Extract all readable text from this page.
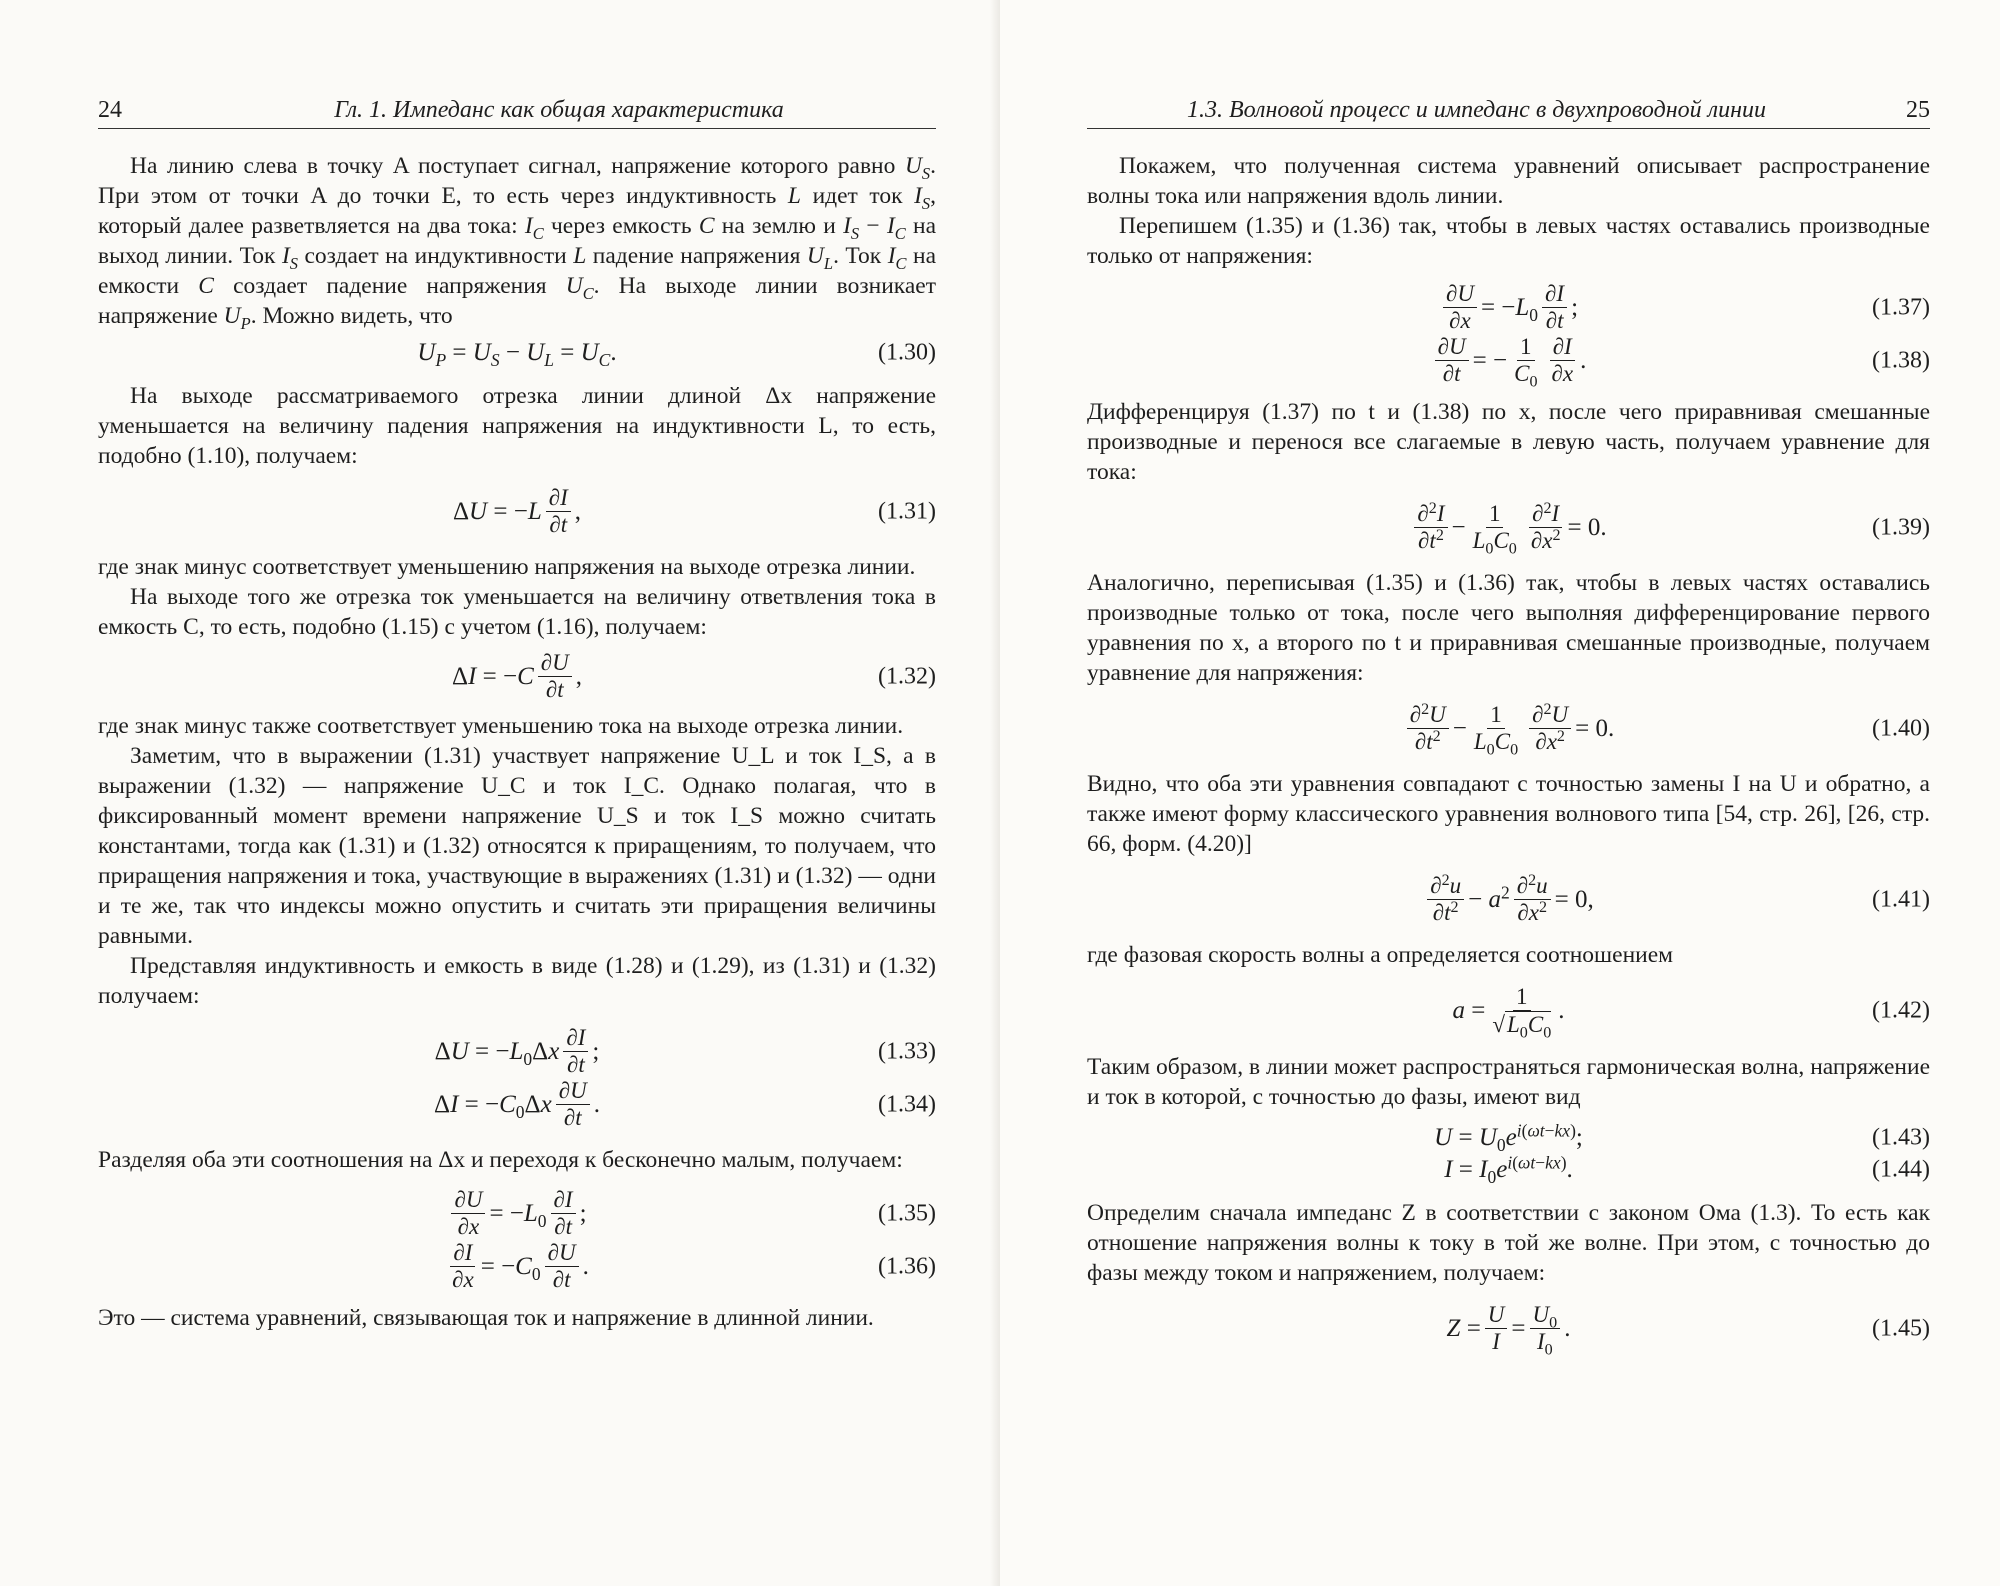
24	Гл. 1. Импеданс как общая характеристика

На линию слева в точку A поступает сигнал, напряжение которого равно $U_S$. При этом от точки A до точки E, то есть через индуктивность L идет ток $I_S$, который далее разветвляется на два тока: $I_C$ через емкость C на землю и $I_S - I_C$ на выход линии. Ток $I_S$ создает на индуктивности L падение напряжения $U_L$. Ток $I_C$ на емкости C создает падение напряжения $U_C$. На выходе линии возникает напряжение $U_P$. Можно видеть, что

$U_P = U_S - U_L = U_C$.	(1.30)

На выходе рассматриваемого отрезка линии длиной Δx напряжение уменьшается на величину падения напряжения на индуктивности L, то есть, подобно (1.10), получаем:

$\Delta U = -L \frac{\partial I}{\partial t}$ ,	(1.31)

где знак минус соответствует уменьшению напряжения на выходе отрезка линии.

На выходе того же отрезка ток уменьшается на величину ответвления тока в емкость C, то есть, подобно (1.15) с учетом (1.16), получаем:

$\Delta I = -C \frac{\partial U}{\partial t}$ ,	(1.32)

где знак минус также соответствует уменьшению тока на выходе отрезка линии.

Заметим, что в выражении (1.31) участвует напряжение U_L и ток I_S, а в выражении (1.32) — напряжение U_C и ток I_C. Однако полагая, что в фиксированный момент времени напряжение U_S и ток I_S можно считать константами, тогда как (1.31) и (1.32) относятся к приращениям, то получаем, что приращения напряжения и тока, участвующие в выражениях (1.31) и (1.32) — одни и те же, так что индексы можно опустить и считать эти приращения величины равными.

Представляя индуктивность и емкость в виде (1.28) и (1.29), из (1.31) и (1.32) получаем:

$\Delta U = -L_0\Delta x \frac{\partial I}{\partial t}$ ;	(1.33)
$\Delta I = -C_0\Delta x \frac{\partial U}{\partial t}$ .	(1.34)

Разделяя оба эти соотношения на Δx и переходя к бесконечно малым, получаем:

$\frac{\partial U}{\partial x} = -L_0 \frac{\partial I}{\partial t}$ ;	(1.35)
$\frac{\partial I}{\partial x} = -C_0 \frac{\partial U}{\partial t}$ .	(1.36)

Это — система уравнений, связывающая ток и напряжение в длинной линии.

1.3. Волновой процесс и импеданс в двухпроводной линии	25

Покажем, что полученная система уравнений описывает распространение волны тока или напряжения вдоль линии.

Перепишем (1.35) и (1.36) так, чтобы в левых частях оставались производные только от напряжения:

$\frac{\partial U}{\partial x} = -L_0 \frac{\partial I}{\partial t}$ ;	(1.37)
$\frac{\partial U}{\partial t}$ = − $\frac{1}{C_0} \frac{\partial I}{\partial x}$ .	(1.38)

Дифференцируя (1.37) по t и (1.38) по x, после чего приравнивая смешанные производные и перенося все слагаемые в левую часть, получаем уравнение для тока:

$\frac{\partial^2I}{\partial t^2} - \frac{1}{L_0C_0} \frac{\partial^2I}{\partial x^2} = 0$.	(1.39)

Аналогично, переписывая (1.35) и (1.36) так, чтобы в левых частях оставались производные только от тока, после чего выполняя дифференцирование первого уравнения по x, а второго по t и приравнивая смешанные производные, получаем уравнение для напряжения:

$\frac{\partial^2U}{\partial t^2} - \frac{1}{L_0C_0} \frac{\partial^2U}{\partial x^2} = 0$.	(1.40)

Видно, что оба эти уравнения совпадают с точностью замены I на U и обратно, а также имеют форму классического уравнения волнового типа [54, стр. 26], [26, стр. 66, форм. (4.20)]

$\frac{\partial^2u}{\partial t^2} - a^2 \frac{\partial^2u}{\partial x^2} = 0$,	(1.41)

где фазовая скорость волны a определяется соотношением

$a = \frac{1}{√L_0C_0}$ .	(1.42)

Таким образом, в линии может распространяться гармоническая волна, напряжение и ток в которой, с точностью до фазы, имеют вид

$U = U_0e^{i(\omega t-kx)}$;	(1.43)
$I = I_0e^{i(\omega t-kx)}$.	(1.44)

Определим сначала импеданс Z в соответствии с законом Ома (1.3). То есть как отношение напряжения волны к току в той же волне. При этом, с точностью до фазы между током и напряжением, получаем:

$Z = \frac{U}{I} = \frac{U_0}{I_0}$ .	(1.45)
